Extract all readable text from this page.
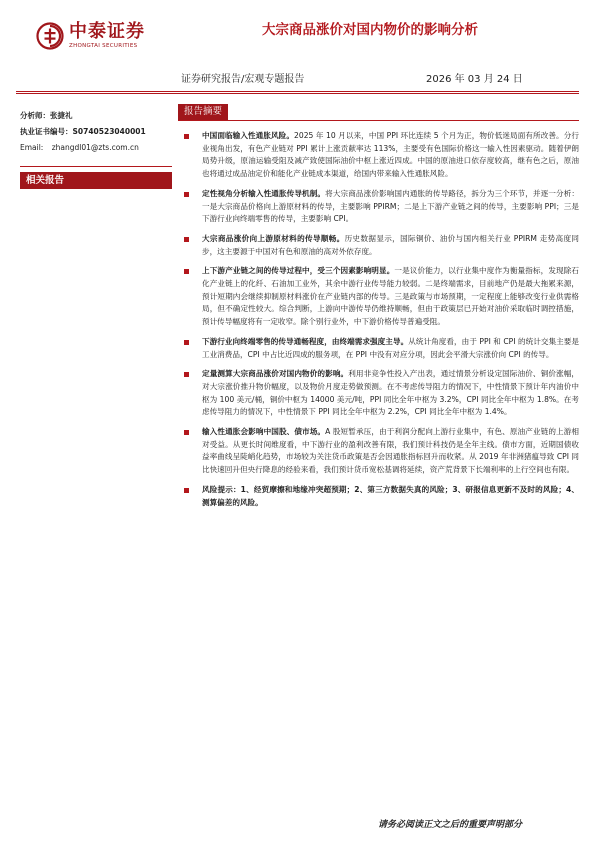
中泰证券
ZHONGTAI SECURITIES
大宗商品涨价对国内物价的影响分析
证券研究报告/宏观专题报告	2026 年 03 月 24 日
分析师：张捷礼
执业证书编号：S0740523040001
Email: zhangdl01@zts.com.cn
相关报告
报告摘要
中国面临输入性通胀风险。2025 年 10 月以来，中国 PPI 环比连续 5 个月为正，物价低迷局面有所改善。分行业视角出发，有色产业链对 PPI 累计上涨贡献率达 113%，主要受有色国际价格这一输入性因素驱动。随着伊朗局势升级，原油运输受阻及减产致使国际油价中枢上涨近四成。中国的原油进口依存度较高，继有色之后，原油也将通过成品油定价和能化产业链成本渠道，给国内带来输入性通胀风险。
定性视角分析输入性通胀传导机制。将大宗商品涨价影响国内通胀的传导路径，拆分为三个环节，并逐一分析：一是大宗商品价格向上游原材料的传导，主要影响 PPIRM；二是上下游产业链之间的传导，主要影响 PPI；三是下游行业向终端零售的传导，主要影响 CPI。
大宗商品涨价向上游原材料的传导顺畅。历史数据显示，国际铜价、油价与国内相关行业 PPIRM 走势高度同步，这主要源于中国对有色和原油的高对外依存度。
上下游产业链之间的传导过程中，受三个因素影响明显。一是议价能力，以行业集中度作为衡量指标，发现除石化产业链上的化纤、石油加工业外，其余中游行业传导能力较弱。二是终端需求，目前地产仍是最大拖累来源，预计短期内会继续抑制原材料涨价在产业链内部的传导。三是政策与市场预期，一定程度上能够改变行业供需格局，但不确定性较大。综合判断，上游向中游传导仍维持顺畅，但由于政策层已开始对油价采取临时调控措施，预计传导幅度将有一定收窄。除个别行业外，中下游价格传导普遍受阻。
下游行业向终端零售的传导通畅程度，由终端需求强度主导。从统计角度看，由于 PPI 和 CPI 的统计交集主要是工业消费品，CPI 中占比近四成的服务项，在 PPI 中没有对应分项，因此会平滑大宗涨价向 CPI 的传导。
定量测算大宗商品涨价对国内物价的影响。利用非竞争性投入产出表，通过情景分析设定国际油价、铜价涨幅，对大宗涨价推升物价幅度，以及物价月度走势做预测。在不考虑传导阻力的情况下，中性情景下预计年内油价中枢为 100 美元/桶，铜价中枢为 14000 美元/吨，PPI 同比全年中枢为 3.2%，CPI 同比全年中枢为 1.8%。在考虑传导阻力的情况下，中性情景下 PPI 同比全年中枢为 2.2%，CPI 同比全年中枢为 1.4%。
输入性通胀会影响中国股、债市场。A 股短暂承压，由于利润分配向上游行业集中，有色、原油产业链的上游相对受益。从更长时间维度看，中下游行业的盈利改善有限，我们预计科技仍是全年主线。债市方面，近期国债收益率曲线呈陡峭化趋势，市场较为关注货币政策是否会因通胀指标回升而收紧。从 2019 年非洲猪瘟导致 CPI 同比快速回升但央行降息的经验来看，我们预计货币宽松基调将延续，资产荒背景下长端利率的上行空间也有限。
风险提示：1、经贸摩擦和地缘冲突超预期；2、第三方数据失真的风险；3、研报信息更新不及时的风险；4、测算偏差的风险。
请务必阅读正文之后的重要声明部分
